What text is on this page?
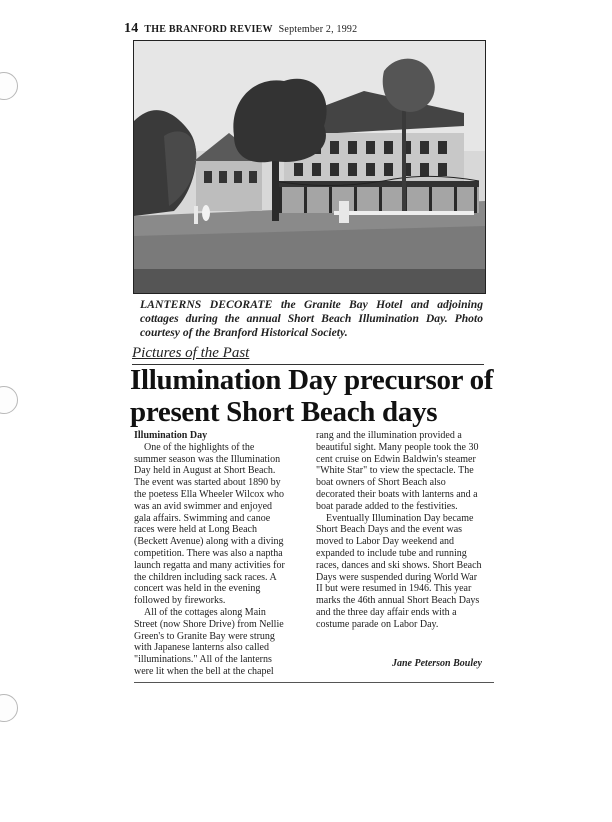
14 THE BRANFORD REVIEW September 2, 1992
LANTERNS DECORATE the Granite Bay Hotel and adjoining cottages during the annual Short Beach Illumination Day. Photo courtesy of the Branford Historical Society.
Pictures of the Past
Illumination Day precursor of present Short Beach days

Illumination Day

One of the highlights of the summer season was the Illumination Day held in August at Short Beach. The event was started about 1890 by the poetess Ella Wheeler Wilcox who was an avid swimmer and enjoyed gala affairs. Swimming and canoe races were held at Long Beach (Beckett Avenue) along with a diving competition. There was also a naptha launch regatta and many activities for the children including sack races. A concert was held in the evening followed by fireworks.

All of the cottages along Main Street (now Shore Drive) from Nellie Green's to Granite Bay were strung with Japanese lanterns also called "illuminations." All of the lanterns were lit when the bell at the chapel

rang and the illumination provided a beautiful sight. Many people took the 30 cent cruise on Edwin Baldwin's steamer "White Star" to view the spectacle. The boat owners of Short Beach also decorated their boats with lanterns and a boat parade added to the festivities.

Eventually Illumination Day became Short Beach Days and the event was moved to Labor Day weekend and expanded to include tube and running races, dances and ski shows. Short Beach Days were suspended during World War II but were resumed in 1946. This year marks the 46th annual Short Beach Days and the three day affair ends with a costume parade on Labor Day.

Jane Peterson Bouley
